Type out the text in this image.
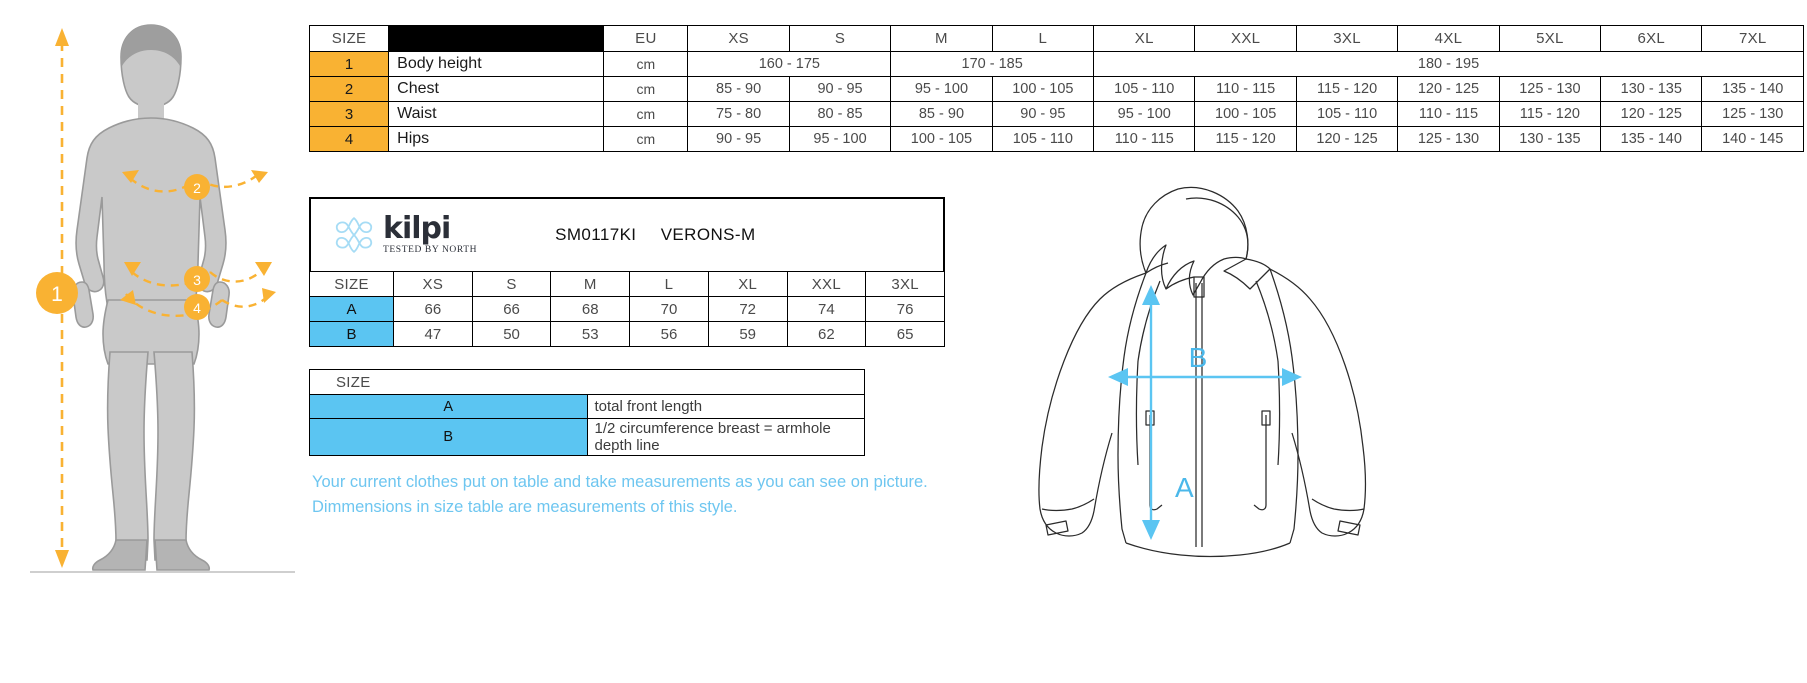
1
2
3
4
SIZE		EU	XS	S	M	L	XL	XXL	3XL	4XL	5XL	6XL	7XL
1	Body height	cm	160 - 175		170 - 185		180 - 195						
2	Chest	cm	85 - 90	90 - 95	95 - 100	100 - 105	105 - 110	110 - 115	115 - 120	120 - 125	125 - 130	130 - 135	135 - 140
3	Waist	cm	75 - 80	80 - 85	85 - 90	90 - 95	95 - 100	100 - 105	105 - 110	110 - 115	115 - 120	120 - 125	125 - 130
4	Hips	cm	90 - 95	95 - 100	100 - 105	105 - 110	110 - 115	115 - 120	120 - 125	125 - 130	130 - 135	135 - 140	140 - 145
kilpi
TESTED BY NORTH
SM0117KI VERONS-M
SIZE	XS	S	M	L	XL	XXL	3XL
A	66	66	68	70	72	74	76
B	47	50	53	56	59	62	65
SIZE	
A	total front length
B	1/2 circumference breast = armhole depth line
Your current clothes put on table and take measurements as you can see on picture.
Dimmensions in size table are measurements of this style.
A
B
